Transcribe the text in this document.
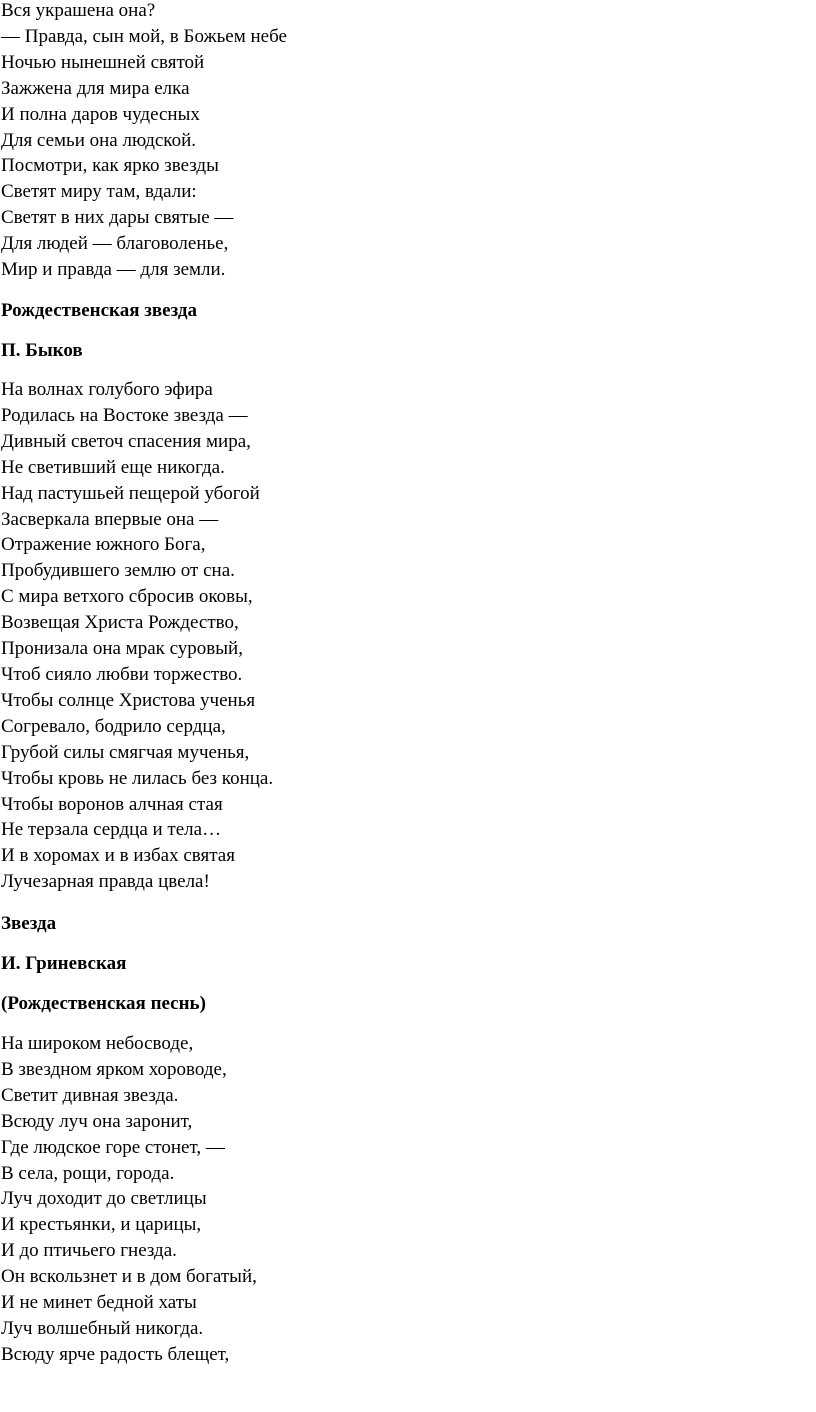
Вся украшена она?
— Правда, сын мой, в Божьем небе
Ночью нынешней святой
Зажжена для мира елка
И полна даров чудесных
Для семьи она людской.
Посмотри, как ярко звезды
Светят миру там, вдали:
Светят в них дары святые —
Для людей — благоволенье,
Мир и правда — для земли.
Рождественская звезда
П. Быков
На волнах голубого эфира
Родилась на Востоке звезда —
Дивный светоч спасения мира,
Не светивший еще никогда.
Над пастушьей пещерой убогой
Засверкала впервые она —
Отражение южного Бога,
Пробудившего землю от сна.
С мира ветхого сбросив оковы,
Возвещая Христа Рождество,
Пронизала она мрак суровый,
Чтоб сияло любви торжество.
Чтобы солнце Христова ученья
Согревало, бодрило сердца,
Грубой силы смягчая мученья,
Чтобы кровь не лилась без конца.
Чтобы воронов алчная стая
Не терзала сердца и тела…
И в хоромах и в избах святая
Лучезарная правда цвела!
Звезда
И. Гриневская
(Рождественская песнь)
На широком небосводе,
В звездном ярком хороводе,
Светит дивная звезда.
Всюду луч она заронит,
Где людское горе стонет, —
В села, рощи, города.
Луч доходит до светлицы
И крестьянки, и царицы,
И до птичьего гнезда.
Он вскользнет и в дом богатый,
И не минет бедной хаты
Луч волшебный никогда.
Всюду ярче радость блещет,
